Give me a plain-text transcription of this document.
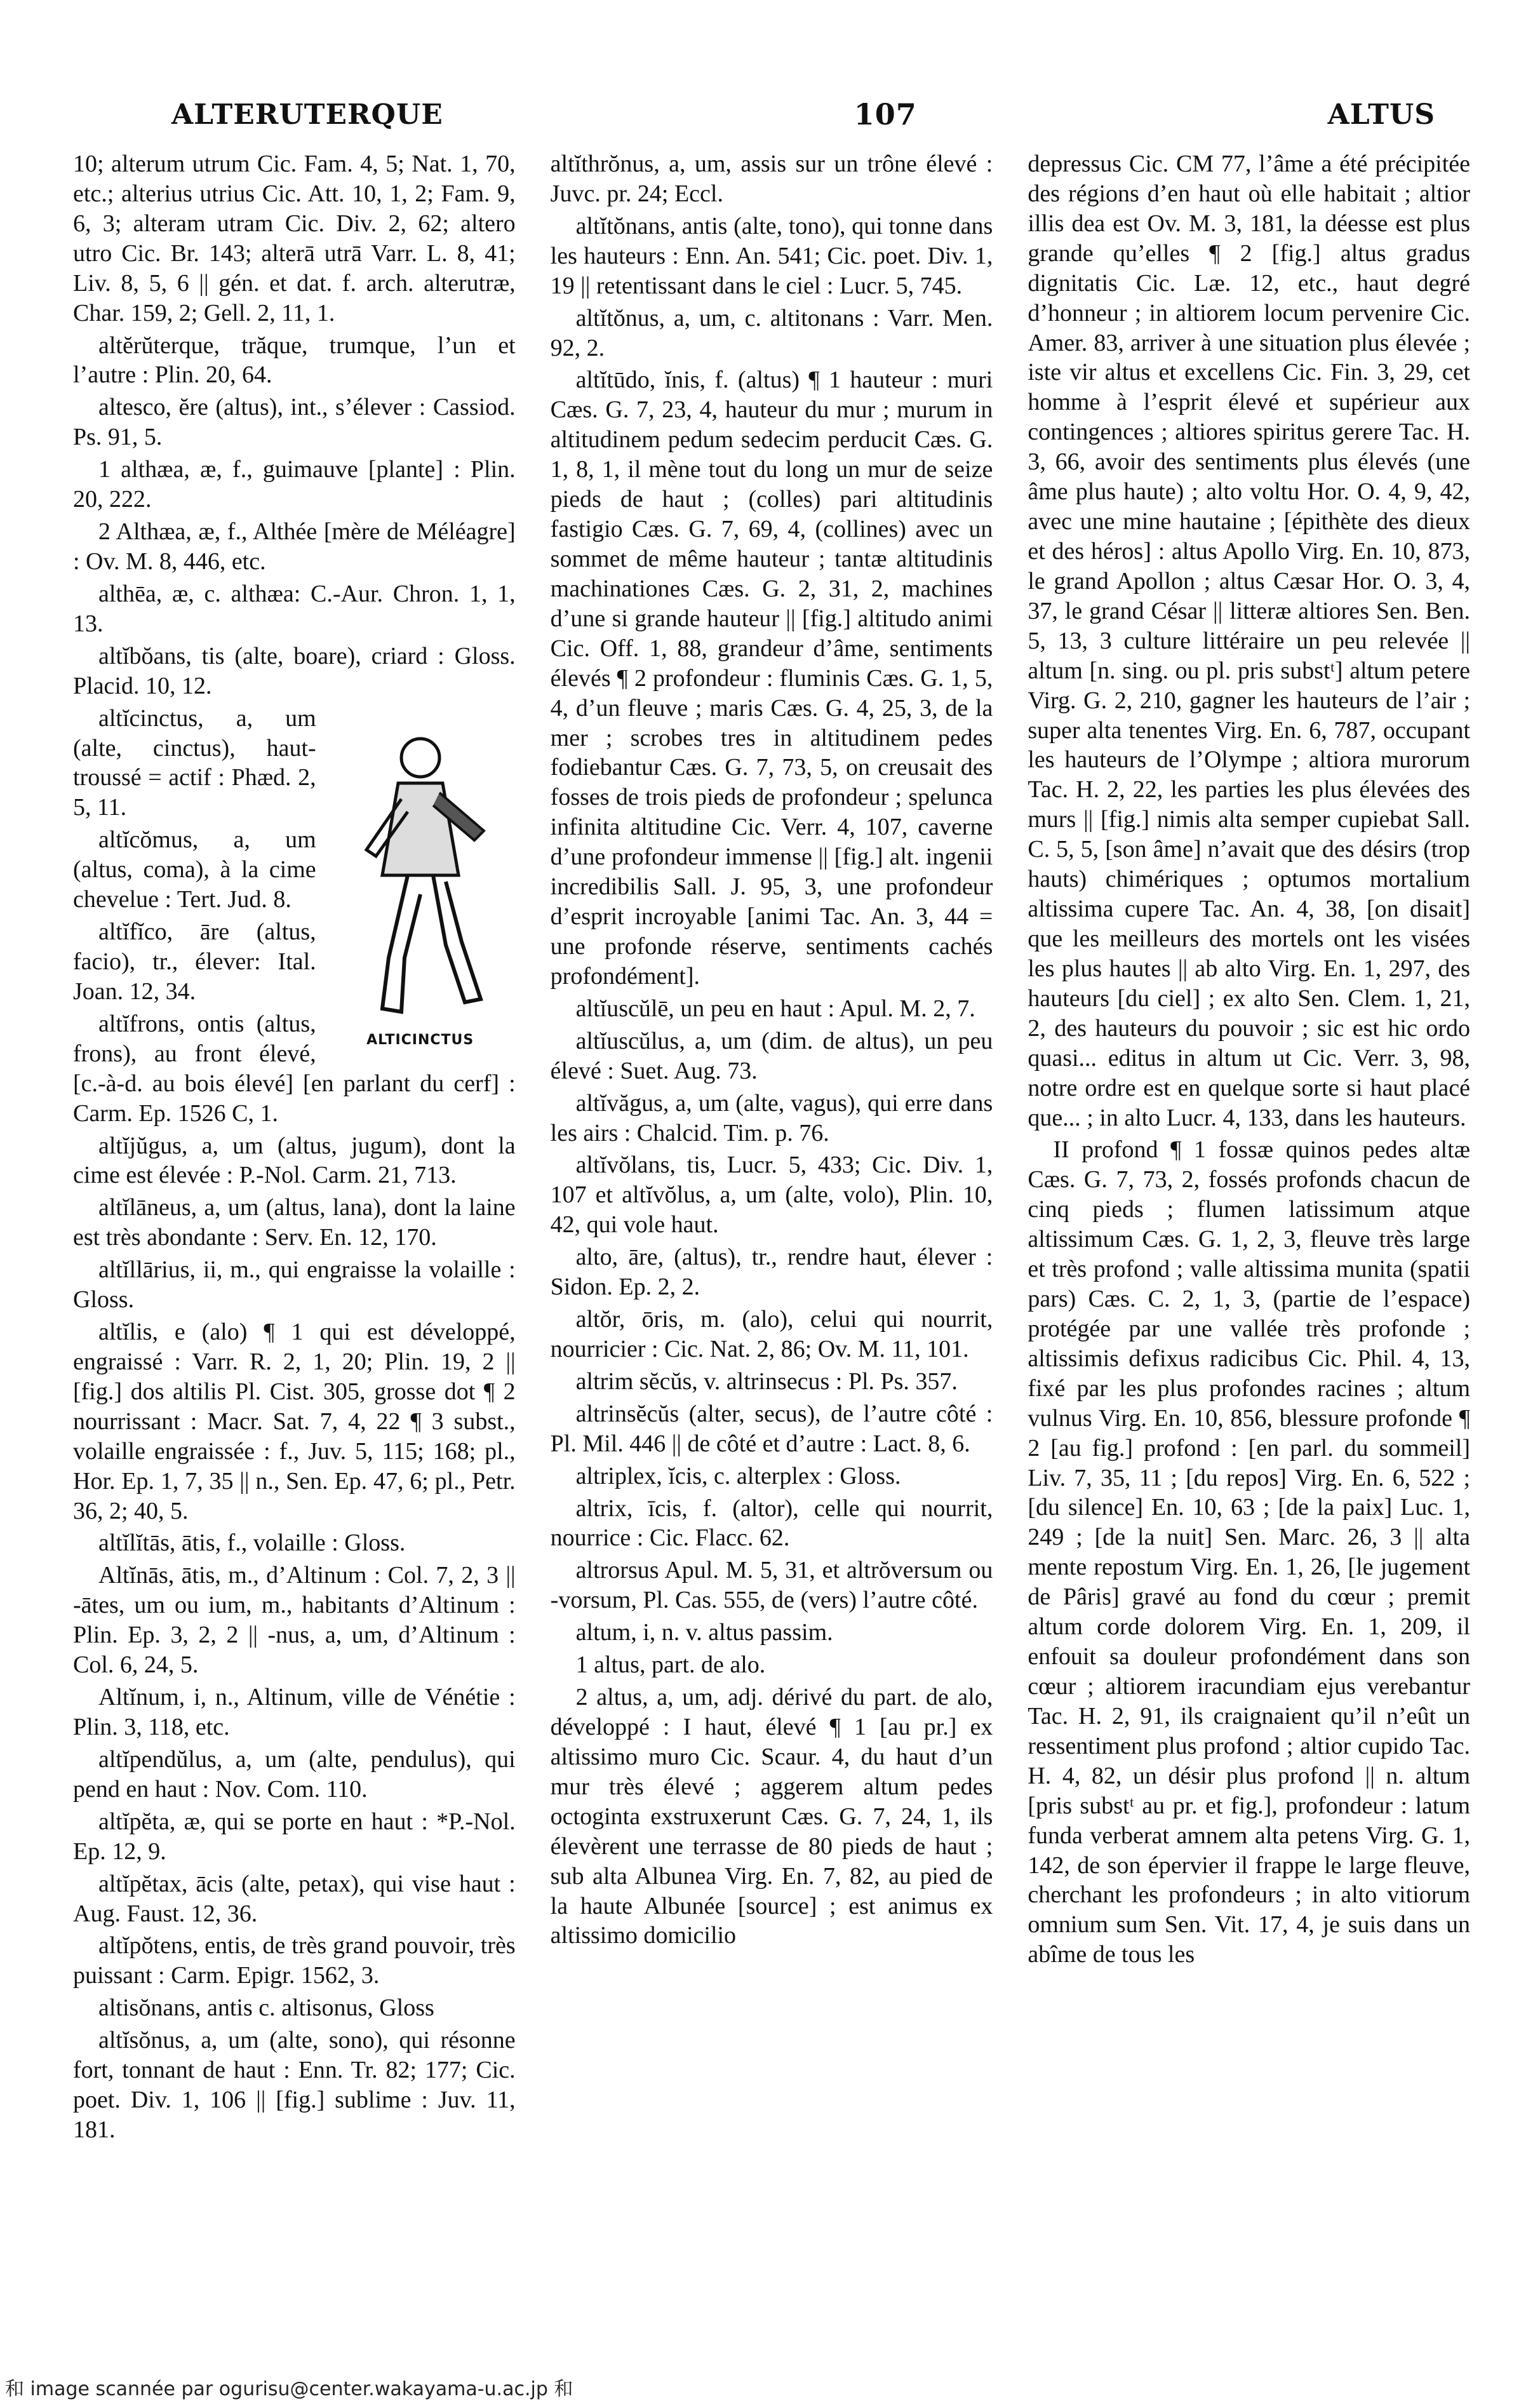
ALTERUTERQUE	107	ALTUS

10; alterum utrum Cic. Fam. 4, 5; Nat. 1, 70, etc.; alterius utrius Cic. Att. 10, 1, 2; Fam. 9, 6, 3; alteram utram Cic. Div. 2, 62; altero utro Cic. Br. 143; alterā utrā Varr. L. 8, 41; Liv. 8, 5, 6 || gén. et dat. f. arch. alterutræ, Char. 159, 2; Gell. 2, 11, 1.

altĕrŭterque, trăque, trumque, l’un et l’autre : Plin. 20, 64.

altesco, ĕre (altus), int., s’élever : Cassiod. Ps. 91, 5.

1 althæa, æ, f., guimauve [plante] : Plin. 20, 222.

2 Althæa, æ, f., Althée [mère de Méléagre] : Ov. M. 8, 446, etc.

althēa, æ, c. althæa: C.-Aur. Chron. 1, 1, 13.

altĭbŏans, tis (alte, boare), criard : Gloss. Placid. 10, 12.

ALTICINCTUS

altĭcinctus, a, um (alte, cinctus), haut-troussé = actif : Phæd. 2, 5, 11.

altĭcŏmus, a, um (altus, coma), à la cime chevelue : Tert. Jud. 8.

altĭfĭco, āre (altus, facio), tr., élever: Ital. Joan. 12, 34.

altĭfrons, ontis (altus, frons), au front élevé, [c.-à-d. au bois élevé] [en parlant du cerf] : Carm. Ep. 1526 C, 1.

altĭjŭgus, a, um (altus, jugum), dont la cime est élevée : P.-Nol. Carm. 21, 713.

altĭlāneus, a, um (altus, lana), dont la laine est très abondante : Serv. En. 12, 170.

altĭllārius, ii, m., qui engraisse la volaille : Gloss.

altĭlis, e (alo) ¶ 1 qui est développé, engraissé : Varr. R. 2, 1, 20; Plin. 19, 2 || [fig.] dos altilis Pl. Cist. 305, grosse dot ¶ 2 nourrissant : Macr. Sat. 7, 4, 22 ¶ 3 subst., volaille engraissée : f., Juv. 5, 115; 168; pl., Hor. Ep. 1, 7, 35 || n., Sen. Ep. 47, 6; pl., Petr. 36, 2; 40, 5.

altĭlĭtās, ātis, f., volaille : Gloss.

Altĭnās, ātis, m., d’Altinum : Col. 7, 2, 3 || -ātes, um ou ium, m., habitants d’Altinum : Plin. Ep. 3, 2, 2 || -nus, a, um, d’Altinum : Col. 6, 24, 5.

Altĭnum, i, n., Altinum, ville de Vénétie : Plin. 3, 118, etc.

altĭpendŭlus, a, um (alte, pendulus), qui pend en haut : Nov. Com. 110.

altĭpĕta, æ, qui se porte en haut : *P.-Nol. Ep. 12, 9.

altĭpĕtax, ācis (alte, petax), qui vise haut : Aug. Faust. 12, 36.

altĭpŏtens, entis, de très grand pouvoir, très puissant : Carm. Epigr. 1562, 3.

altisŏnans, antis c. altisonus, Gloss

altĭsŏnus, a, um (alte, sono), qui résonne fort, tonnant de haut : Enn. Tr. 82; 177; Cic. poet. Div. 1, 106 || [fig.] sublime : Juv. 11, 181.

altĭthrŏnus, a, um, assis sur un trône élevé : Juvc. pr. 24; Eccl.

altĭtŏnans, antis (alte, tono), qui tonne dans les hauteurs : Enn. An. 541; Cic. poet. Div. 1, 19 || retentissant dans le ciel : Lucr. 5, 745.

altĭtŏnus, a, um, c. altitonans : Varr. Men. 92, 2.

altĭtūdo, ĭnis, f. (altus) ¶ 1 hauteur : muri Cæs. G. 7, 23, 4, hauteur du mur ; murum in altitudinem pedum sedecim perducit Cæs. G. 1, 8, 1, il mène tout du long un mur de seize pieds de haut ; (colles) pari altitudinis fastigio Cæs. G. 7, 69, 4, (collines) avec un sommet de même hauteur ; tantæ altitudinis machinationes Cæs. G. 2, 31, 2, machines d’une si grande hauteur || [fig.] altitudo animi Cic. Off. 1, 88, grandeur d’âme, sentiments élevés ¶ 2 profondeur : fluminis Cæs. G. 1, 5, 4, d’un fleuve ; maris Cæs. G. 4, 25, 3, de la mer ; scrobes tres in altitudinem pedes fodiebantur Cæs. G. 7, 73, 5, on creusait des fosses de trois pieds de profondeur ; spelunca infinita altitudine Cic. Verr. 4, 107, caverne d’une profondeur immense || [fig.] alt. ingenii incredibilis Sall. J. 95, 3, une profondeur d’esprit incroyable [animi Tac. An. 3, 44 = une profonde réserve, sentiments cachés profondément].

altĭuscŭlē, un peu en haut : Apul. M. 2, 7.

altĭuscŭlus, a, um (dim. de altus), un peu élevé : Suet. Aug. 73.

altĭvăgus, a, um (alte, vagus), qui erre dans les airs : Chalcid. Tim. p. 76.

altĭvŏlans, tis, Lucr. 5, 433; Cic. Div. 1, 107 et altĭvŏlus, a, um (alte, volo), Plin. 10, 42, qui vole haut.

alto, āre, (altus), tr., rendre haut, élever : Sidon. Ep. 2, 2.

altŏr, ōris, m. (alo), celui qui nourrit, nourricier : Cic. Nat. 2, 86; Ov. M. 11, 101.

altrim sĕcŭs, v. altrinsecus : Pl. Ps. 357.

altrinsĕcŭs (alter, secus), de l’autre côté : Pl. Mil. 446 || de côté et d’autre : Lact. 8, 6.

altriplex, ĭcis, c. alterplex : Gloss.

altrix, īcis, f. (altor), celle qui nourrit, nourrice : Cic. Flacc. 62.

altrorsus Apul. M. 5, 31, et altrŏversum ou -vorsum, Pl. Cas. 555, de (vers) l’autre côté.

altum, i, n. v. altus passim.

1 altus, part. de alo.

2 altus, a, um, adj. dérivé du part. de alo, développé : I haut, élevé ¶ 1 [au pr.] ex altissimo muro Cic. Scaur. 4, du haut d’un mur très élevé ; aggerem altum pedes octoginta exstruxerunt Cæs. G. 7, 24, 1, ils élevèrent une terrasse de 80 pieds de haut ; sub alta Albunea Virg. En. 7, 82, au pied de la haute Albunée [source] ; est animus ex altissimo domicilio

depressus Cic. CM 77, l’âme a été précipitée des régions d’en haut où elle habitait ; altior illis dea est Ov. M. 3, 181, la déesse est plus grande qu’elles ¶ 2 [fig.] altus gradus dignitatis Cic. Læ. 12, etc., haut degré d’honneur ; in altiorem locum pervenire Cic. Amer. 83, arriver à une situation plus élevée ; iste vir altus et excellens Cic. Fin. 3, 29, cet homme à l’esprit élevé et supérieur aux contingences ; altiores spiritus gerere Tac. H. 3, 66, avoir des sentiments plus élevés (une âme plus haute) ; alto voltu Hor. O. 4, 9, 42, avec une mine hautaine ; [épithète des dieux et des héros] : altus Apollo Virg. En. 10, 873, le grand Apollon ; altus Cæsar Hor. O. 3, 4, 37, le grand César || litteræ altiores Sen. Ben. 5, 13, 3 culture littéraire un peu relevée || altum [n. sing. ou pl. pris substᵗ] altum petere Virg. G. 2, 210, gagner les hauteurs de l’air ; super alta tenentes Virg. En. 6, 787, occupant les hauteurs de l’Olympe ; altiora murorum Tac. H. 2, 22, les parties les plus élevées des murs || [fig.] nimis alta semper cupiebat Sall. C. 5, 5, [son âme] n’avait que des désirs (trop hauts) chimériques ; optumos mortalium altissima cupere Tac. An. 4, 38, [on disait] que les meilleurs des mortels ont les visées les plus hautes || ab alto Virg. En. 1, 297, des hauteurs [du ciel] ; ex alto Sen. Clem. 1, 21, 2, des hauteurs du pouvoir ; sic est hic ordo quasi... editus in altum ut Cic. Verr. 3, 98, notre ordre est en quelque sorte si haut placé que... ; in alto Lucr. 4, 133, dans les hauteurs.

II profond ¶ 1 fossæ quinos pedes altæ Cæs. G. 7, 73, 2, fossés profonds chacun de cinq pieds ; flumen latissimum atque altissimum Cæs. G. 1, 2, 3, fleuve très large et très profond ; valle altissima munita (spatii pars) Cæs. C. 2, 1, 3, (partie de l’espace) protégée par une vallée très profonde ; altissimis defixus radicibus Cic. Phil. 4, 13, fixé par les plus profondes racines ; altum vulnus Virg. En. 10, 856, blessure profonde ¶ 2 [au fig.] profond : [en parl. du sommeil] Liv. 7, 35, 11 ; [du repos] Virg. En. 6, 522 ; [du silence] En. 10, 63 ; [de la paix] Luc. 1, 249 ; [de la nuit] Sen. Marc. 26, 3 || alta mente repostum Virg. En. 1, 26, [le jugement de Pâris] gravé au fond du cœur ; premit altum corde dolorem Virg. En. 1, 209, il enfouit sa douleur profondément dans son cœur ; altiorem iracundiam ejus verebantur Tac. H. 2, 91, ils craignaient qu’il n’eût un ressentiment plus profond ; altior cupido Tac. H. 4, 82, un désir plus profond || n. altum [pris substᵗ au pr. et fig.], profondeur : latum funda verberat amnem alta petens Virg. G. 1, 142, de son épervier il frappe le large fleuve, cherchant les profondeurs ; in alto vitiorum omnium sum Sen. Vit. 17, 4, je suis dans un abîme de tous les

和 image scannée par ogurisu@center.wakayama-u.ac.jp 和
